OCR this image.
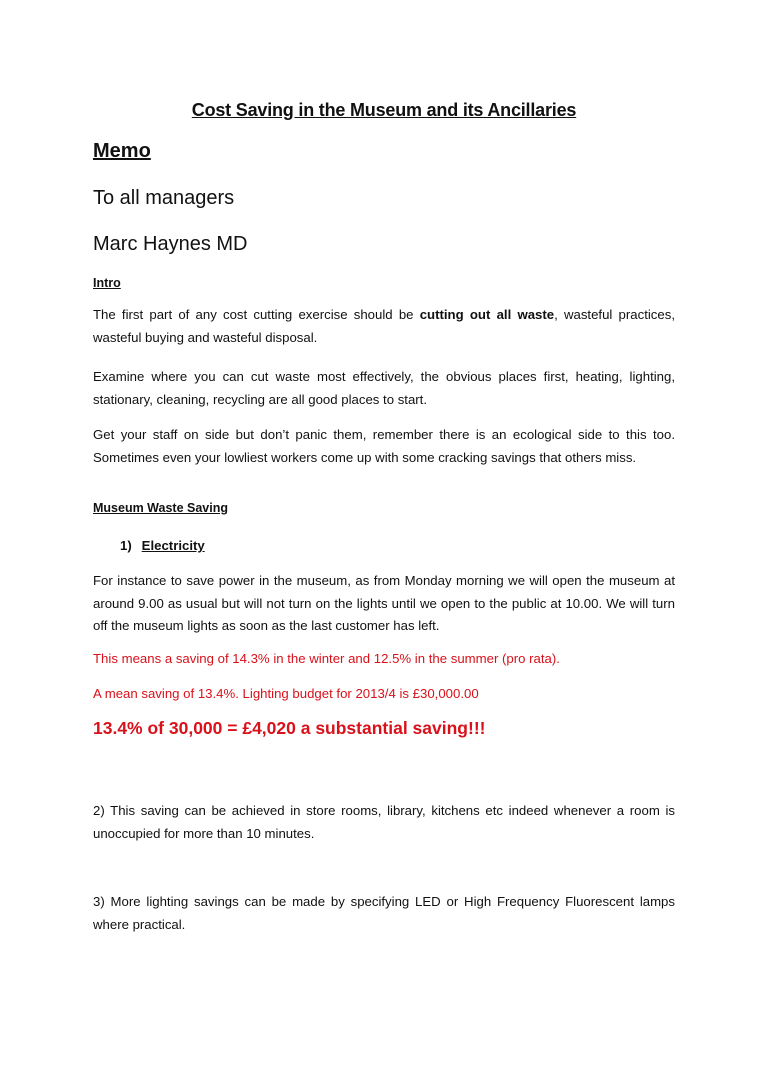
Cost Saving in the Museum and its Ancillaries
Memo
To all managers
Marc Haynes MD
Intro

The first part of any cost cutting exercise should be cutting out all waste, wasteful practices, wasteful buying and wasteful disposal.

Examine where you can cut waste most effectively, the obvious places first, heating, lighting, stationary, cleaning, recycling are all good places to start.

Get your staff on side but don’t panic them, remember there is an ecological side to this too. Sometimes even your lowliest workers come up with some cracking savings that others miss.

Museum Waste Saving
1) Electricity

For instance to save power in the museum, as from Monday morning we will open the museum at around 9.00 as usual but will not turn on the lights until we open to the public at 10.00. We will turn off the museum lights as soon as the last customer has left.

This means a saving of 14.3% in the winter and 12.5% in the summer (pro rata).
A mean saving of 13.4%. Lighting budget for 2013/4 is £30,000.00
13.4% of 30,000 = £4,020 a substantial saving!!!

2) This saving can be achieved in store rooms, library, kitchens etc indeed whenever a room is unoccupied for more than 10 minutes.

3) More lighting savings can be made by specifying LED or High Frequency Fluorescent lamps where practical.
